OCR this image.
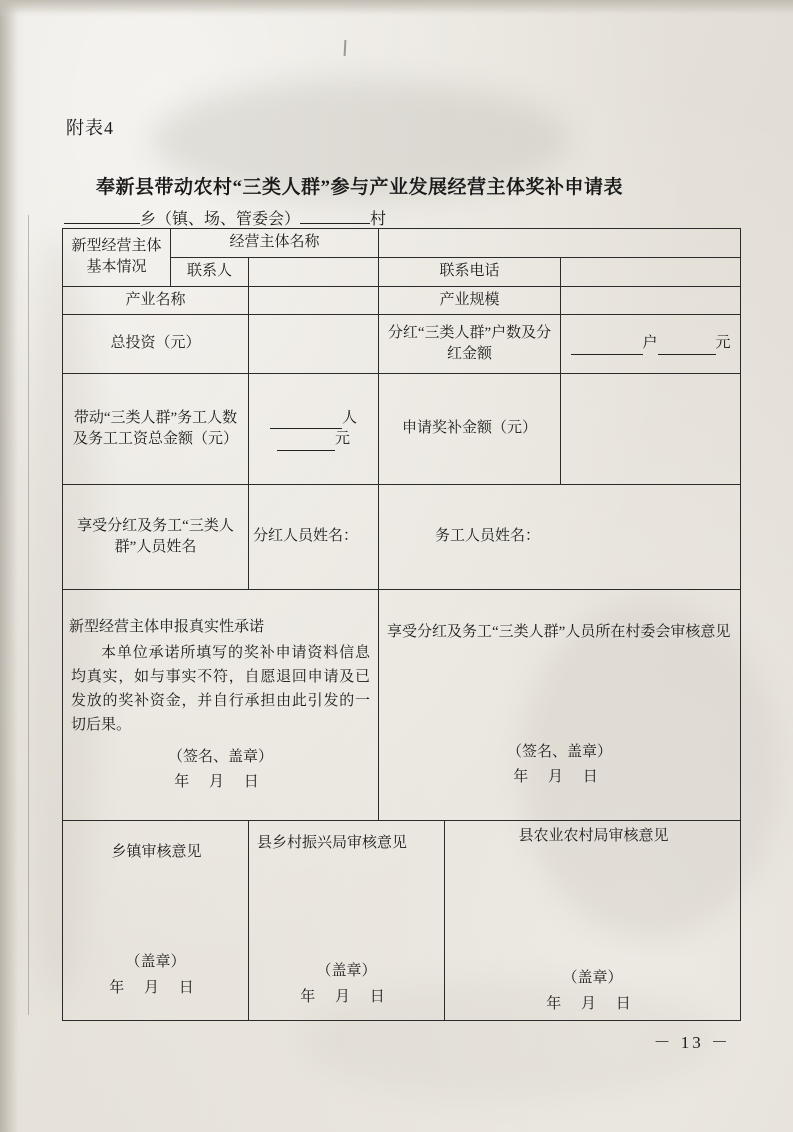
附表4
奉新县带动农村“三类人群”参与产业发展经营主体奖补申请表
乡（镇、场、管委会）	村
新型经营主体基本情况	经营主体名称				
	联系人		联系电话		
产业名称			产业规模		
总投资（元）			分红“三类人群”户数及分红金额		户 元
带动“三类人群”务工人数及务工工资总金额（元）		人元	申请奖补金额（元）		
享受分红及务工“三类人群”人员姓名		分红人员姓名：	务工人员姓名：		

新型经营主体申报真实性承诺
本单位承诺所填写的奖补申请资料信息均真实，如与事实不符，自愿退回申请及已发放的奖补资金，并自行承担由此引发的一切后果。
（签名、盖章）
年 月 日

享受分红及务工“三类人群”人员所在村委会审核意见
（签名、盖章）
年 月 日

乡镇审核意见
（盖章）
年 月 日

县乡村振兴局审核意见
（盖章）
年 月 日

县农业农村局审核意见
（盖章）
年 月 日
－ 13 －
